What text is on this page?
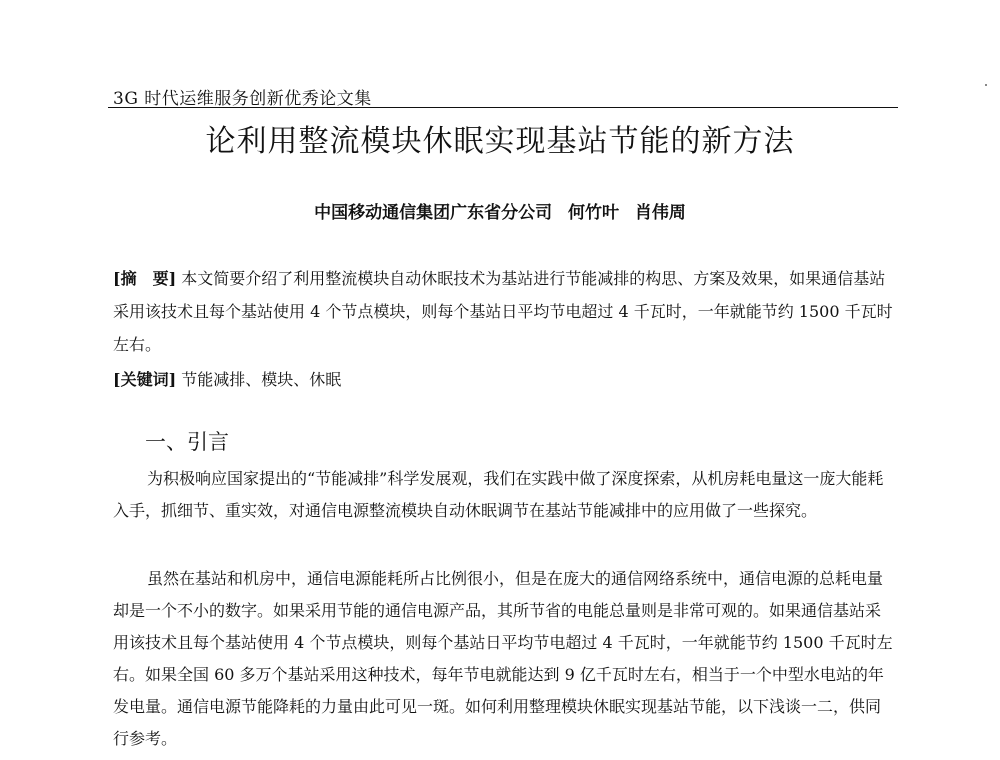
3G 时代运维服务创新优秀论文集
论利用整流模块休眠实现基站节能的新方法
中国移动通信集团广东省分公司 何竹叶 肖伟周
[摘　要] 本文简要介绍了利用整流模块自动休眠技术为基站进行节能减排的构思、方案及效果，如果通信基站采用该技术且每个基站使用 4 个节点模块，则每个基站日平均节电超过 4 千瓦时，一年就能节约 1500 千瓦时左右。
[关键词] 节能减排、模块、休眠
一、引言
为积极响应国家提出的“节能减排”科学发展观，我们在实践中做了深度探索，从机房耗电量这一庞大能耗入手，抓细节、重实效，对通信电源整流模块自动休眠调节在基站节能减排中的应用做了一些探究。
虽然在基站和机房中，通信电源能耗所占比例很小，但是在庞大的通信网络系统中，通信电源的总耗电量却是一个不小的数字。如果采用节能的通信电源产品，其所节省的电能总量则是非常可观的。如果通信基站采用该技术且每个基站使用 4 个节点模块，则每个基站日平均节电超过 4 千瓦时，一年就能节约 1500 千瓦时左右。如果全国 60 多万个基站采用这种技术，每年节电就能达到 9 亿千瓦时左右，相当于一个中型水电站的年发电量。通信电源节能降耗的力量由此可见一斑。如何利用整理模块休眠实现基站节能，以下浅谈一二，供同行参考。
